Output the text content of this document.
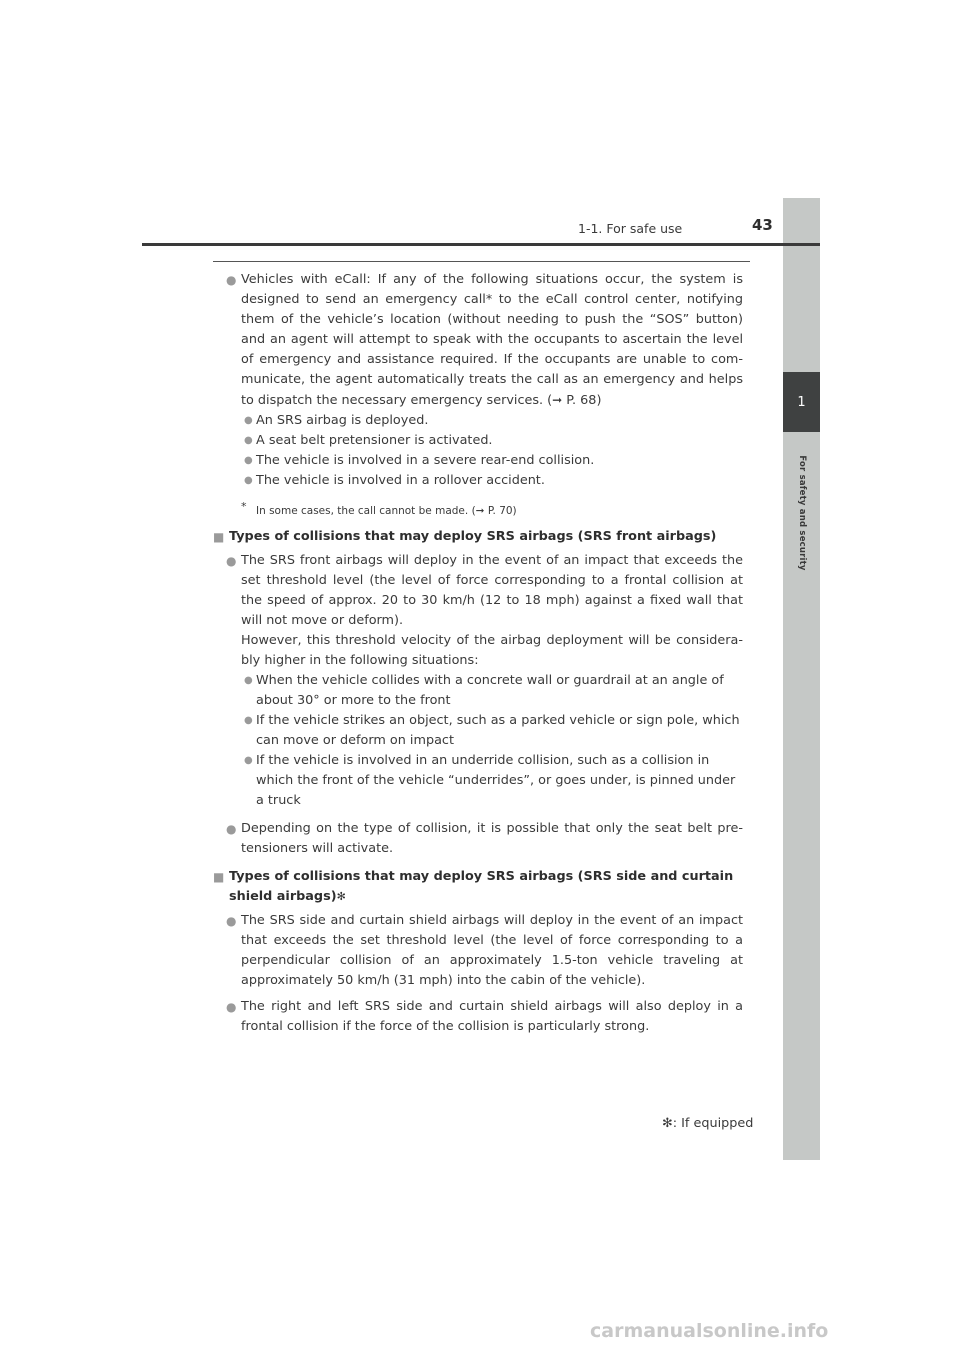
1
For safety and security
1-1. For safe use	43
● Vehicles with eCall: If any of the following situations occur, the system is designed to send an emergency call* to the eCall control center, notifying them of the vehicle’s location (without needing to push the “SOS” button) and an agent will attempt to speak with the occupants to ascertain the level of emergency and assistance required. If the occupants are unable to com-municate, the agent automatically treats the call as an emergency and helps to dispatch the necessary emergency services. (➞ P. 68)
● An SRS airbag is deployed.
● A seat belt pretensioner is activated.
● The vehicle is involved in a severe rear-end collision.
● The vehicle is involved in a rollover accident.
* In some cases, the call cannot be made. (➞ P. 70)
■ Types of collisions that may deploy SRS airbags (SRS front airbags)
● The SRS front airbags will deploy in the event of an impact that exceeds the set threshold level (the level of force corresponding to a frontal collision at the speed of approx. 20 to 30 km/h (12 to 18 mph) against a fixed wall that will not move or deform).
However, this threshold velocity of the airbag deployment will be considera-bly higher in the following situations:
● When the vehicle collides with a concrete wall or guardrail at an angle of about 30° or more to the front
● If the vehicle strikes an object, such as a parked vehicle or sign pole, which can move or deform on impact
● If the vehicle is involved in an underride collision, such as a collision in which the front of the vehicle “underrides”, or goes under, is pinned under a truck
● Depending on the type of collision, it is possible that only the seat belt pre-tensioners will activate.
■ Types of collisions that may deploy SRS airbags (SRS side and curtain shield airbags)✻
● The SRS side and curtain shield airbags will deploy in the event of an impact that exceeds the set threshold level (the level of force corresponding to a perpendicular collision of an approximately 1.5-ton vehicle traveling at approximately 50 km/h (31 mph) into the cabin of the vehicle).
● The right and left SRS side and curtain shield airbags will also deploy in a frontal collision if the force of the collision is particularly strong.
✻: If equipped
carmanualsonline.info
